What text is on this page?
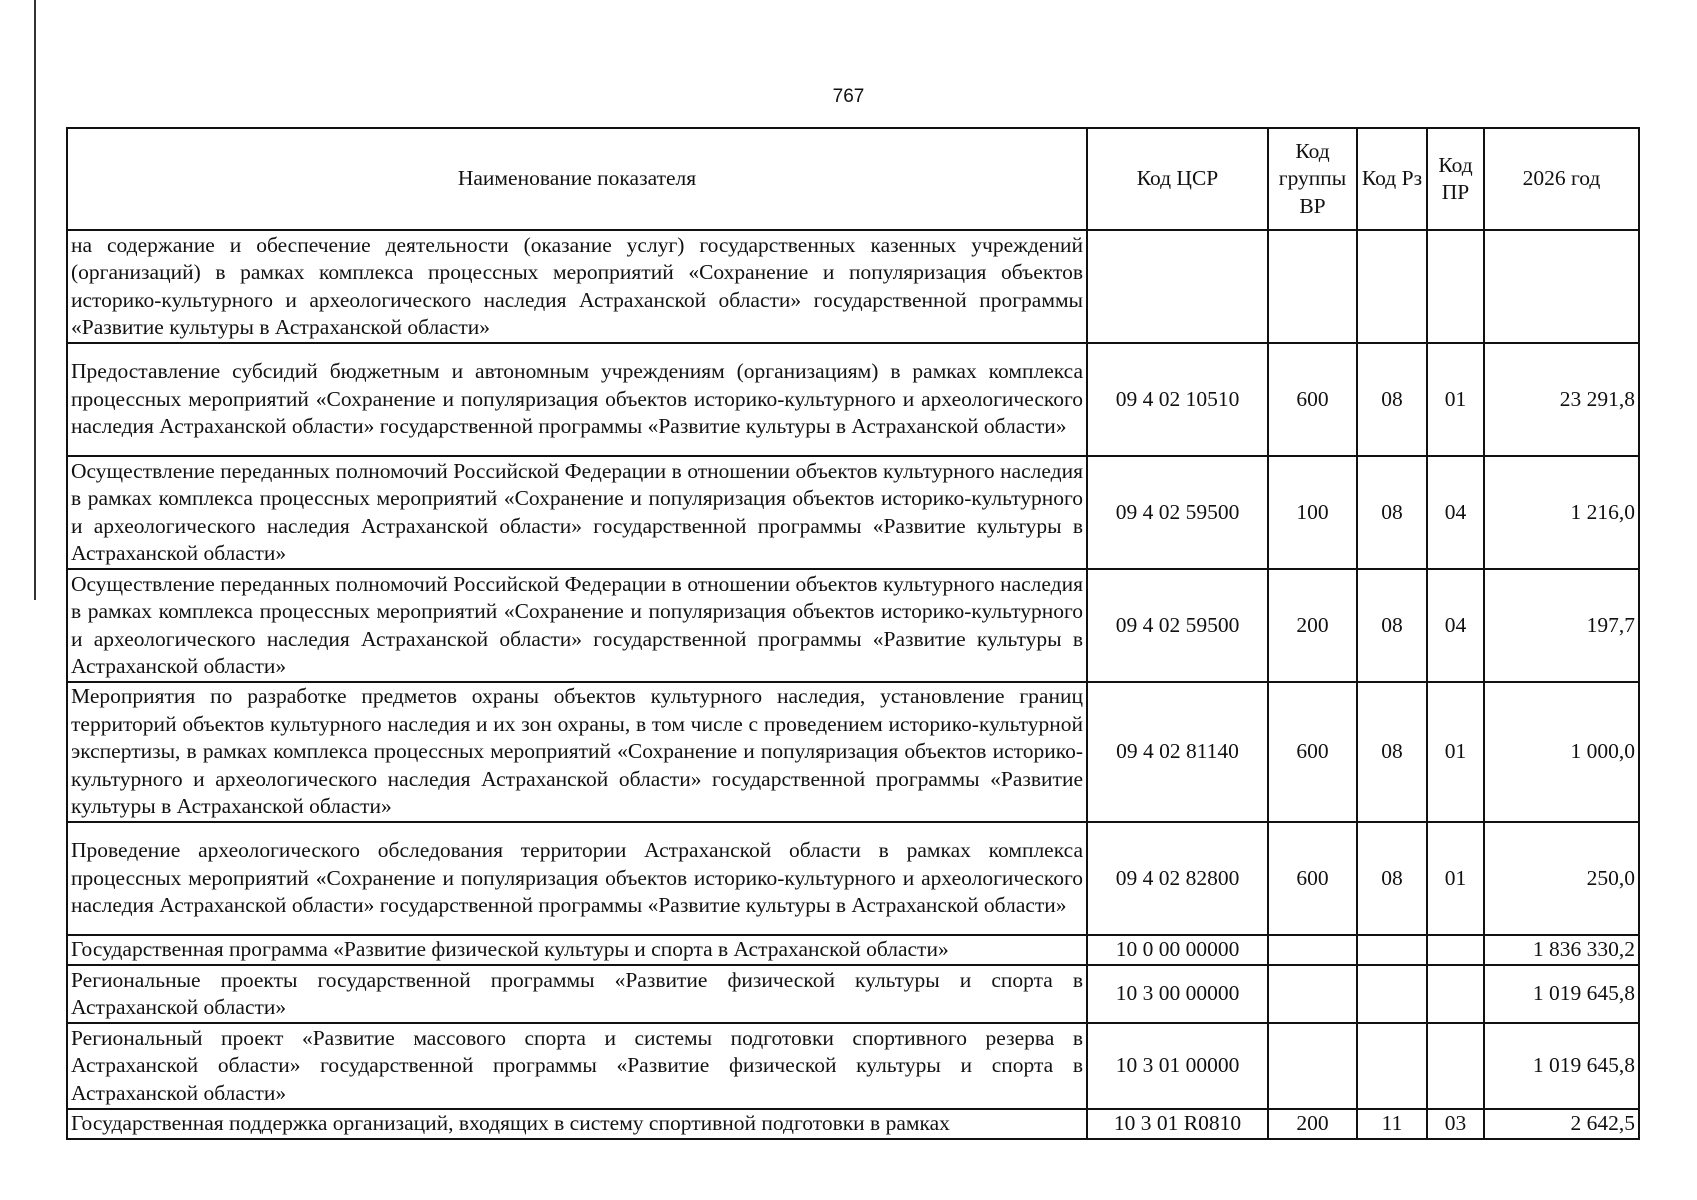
767
Наименование показателя	Код ЦСР	Код группы ВР	Код Рз	Код ПР	2026 год
на содержание и обеспечение деятельности (оказание услуг) государственных казенных учреждений (организаций) в рамках комплекса процессных мероприятий «Сохранение и популяризация объектов историко-культурного и археологического наследия Астраханской области» государственной программы «Развитие культуры в Астраханской области»					
Предоставление субсидий бюджетным и автономным учреждениям (организациям) в рамках комплекса процессных мероприятий «Сохранение и популяризация объектов историко-культурного и археологического наследия Астраханской области» государственной программы «Развитие культуры в Астраханской области»	09 4 02 10510	600	08	01	23 291,8
Осуществление переданных полномочий Российской Федерации в отношении объектов культурного наследия в рамках комплекса процессных мероприятий «Сохранение и популяризация объектов историко-культурного и археологического наследия Астраханской области» государственной программы «Развитие культуры в Астраханской области»	09 4 02 59500	100	08	04	1 216,0
Осуществление переданных полномочий Российской Федерации в отношении объектов культурного наследия в рамках комплекса процессных мероприятий «Сохранение и популяризация объектов историко-культурного и археологического наследия Астраханской области» государственной программы «Развитие культуры в Астраханской области»	09 4 02 59500	200	08	04	197,7
Мероприятия по разработке предметов охраны объектов культурного наследия, установление границ территорий объектов культурного наследия и их зон охраны, в том числе с проведением историко-культурной экспертизы, в рамках комплекса процессных мероприятий «Сохранение и популяризация объектов историко-культурного и археологического наследия Астраханской области» государственной программы «Развитие культуры в Астраханской области»	09 4 02 81140	600	08	01	1 000,0
Проведение археологического обследования территории Астраханской области в рамках комплекса процессных мероприятий «Сохранение и популяризация объектов историко-культурного и археологического наследия Астраханской области» государственной программы «Развитие культуры в Астраханской области»	09 4 02 82800	600	08	01	250,0
Государственная программа «Развитие физической культуры и спорта в Астраханской области»	10 0 00 00000				1 836 330,2
Региональные проекты государственной программы «Развитие физической культуры и спорта в Астраханской области»	10 3 00 00000				1 019 645,8
Региональный проект «Развитие массового спорта и системы подготовки спортивного резерва в Астраханской области» государственной программы «Развитие физической культуры и спорта в Астраханской области»	10 3 01 00000				1 019 645,8
Государственная поддержка организаций, входящих в систему спортивной подготовки в рамках	10 3 01 R0810	200	11	03	2 642,5
